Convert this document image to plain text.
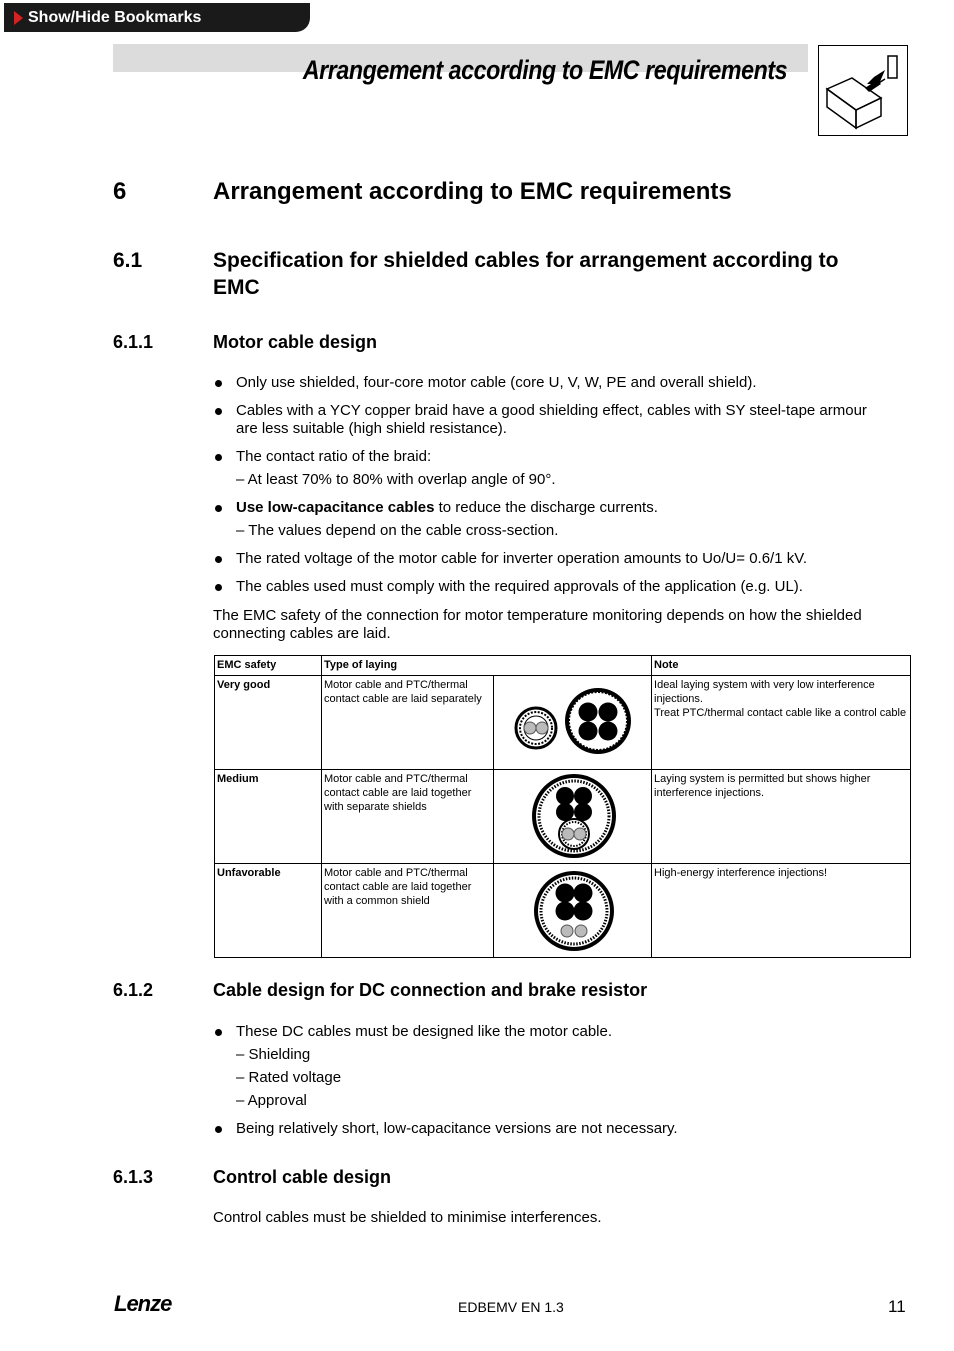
Show/Hide Bookmarks
Arrangement according to EMC requirements
6	Arrangement according to EMC requirements
6.1	Specification for shielded cables for arrangement according to
EMC
6.1.1	Motor cable design
Only use shielded, four-core motor cable (core U, V, W, PE and overall shield).
Cables with a YCY copper braid have a good shielding effect, cables with SY steel-tape armour are less suitable (high shield resistance).
The contact ratio of the braid:
– At least 70% to 80% with overlap angle of 90°.
Use low-capacitance cables to reduce the discharge currents.
– The values depend on the cable cross-section.
The rated voltage of the motor cable for inverter operation amounts to Uo/U= 0.6/1 kV.
The cables used must comply with the required approvals of the application (e.g. UL).
The EMC safety of the connection for motor temperature monitoring depends on how the shielded connecting cables are laid.
EMC safety	Type of laying		Note
Very good	Motor cable and PTC/thermal contact cable are laid separately		Ideal laying system with very low interference injections.
Treat PTC/thermal contact cable like a control cable

Medium	Motor cable and PTC/thermal contact cable are laid together with separate shields		Laying system is permitted but shows higher interference injections.

Unfavorable	Motor cable and PTC/thermal contact cable are laid together with a common shield		High-energy interference injections!
6.1.2	Cable design for DC connection and brake resistor
These DC cables must be designed like the motor cable.
– Shielding
– Rated voltage
– Approval
Being relatively short, low-capacitance versions are not necessary.
6.1.3	Control cable design
Control cables must be shielded to minimise interferences.
Lenze	EDBEMV EN 1.3	11
